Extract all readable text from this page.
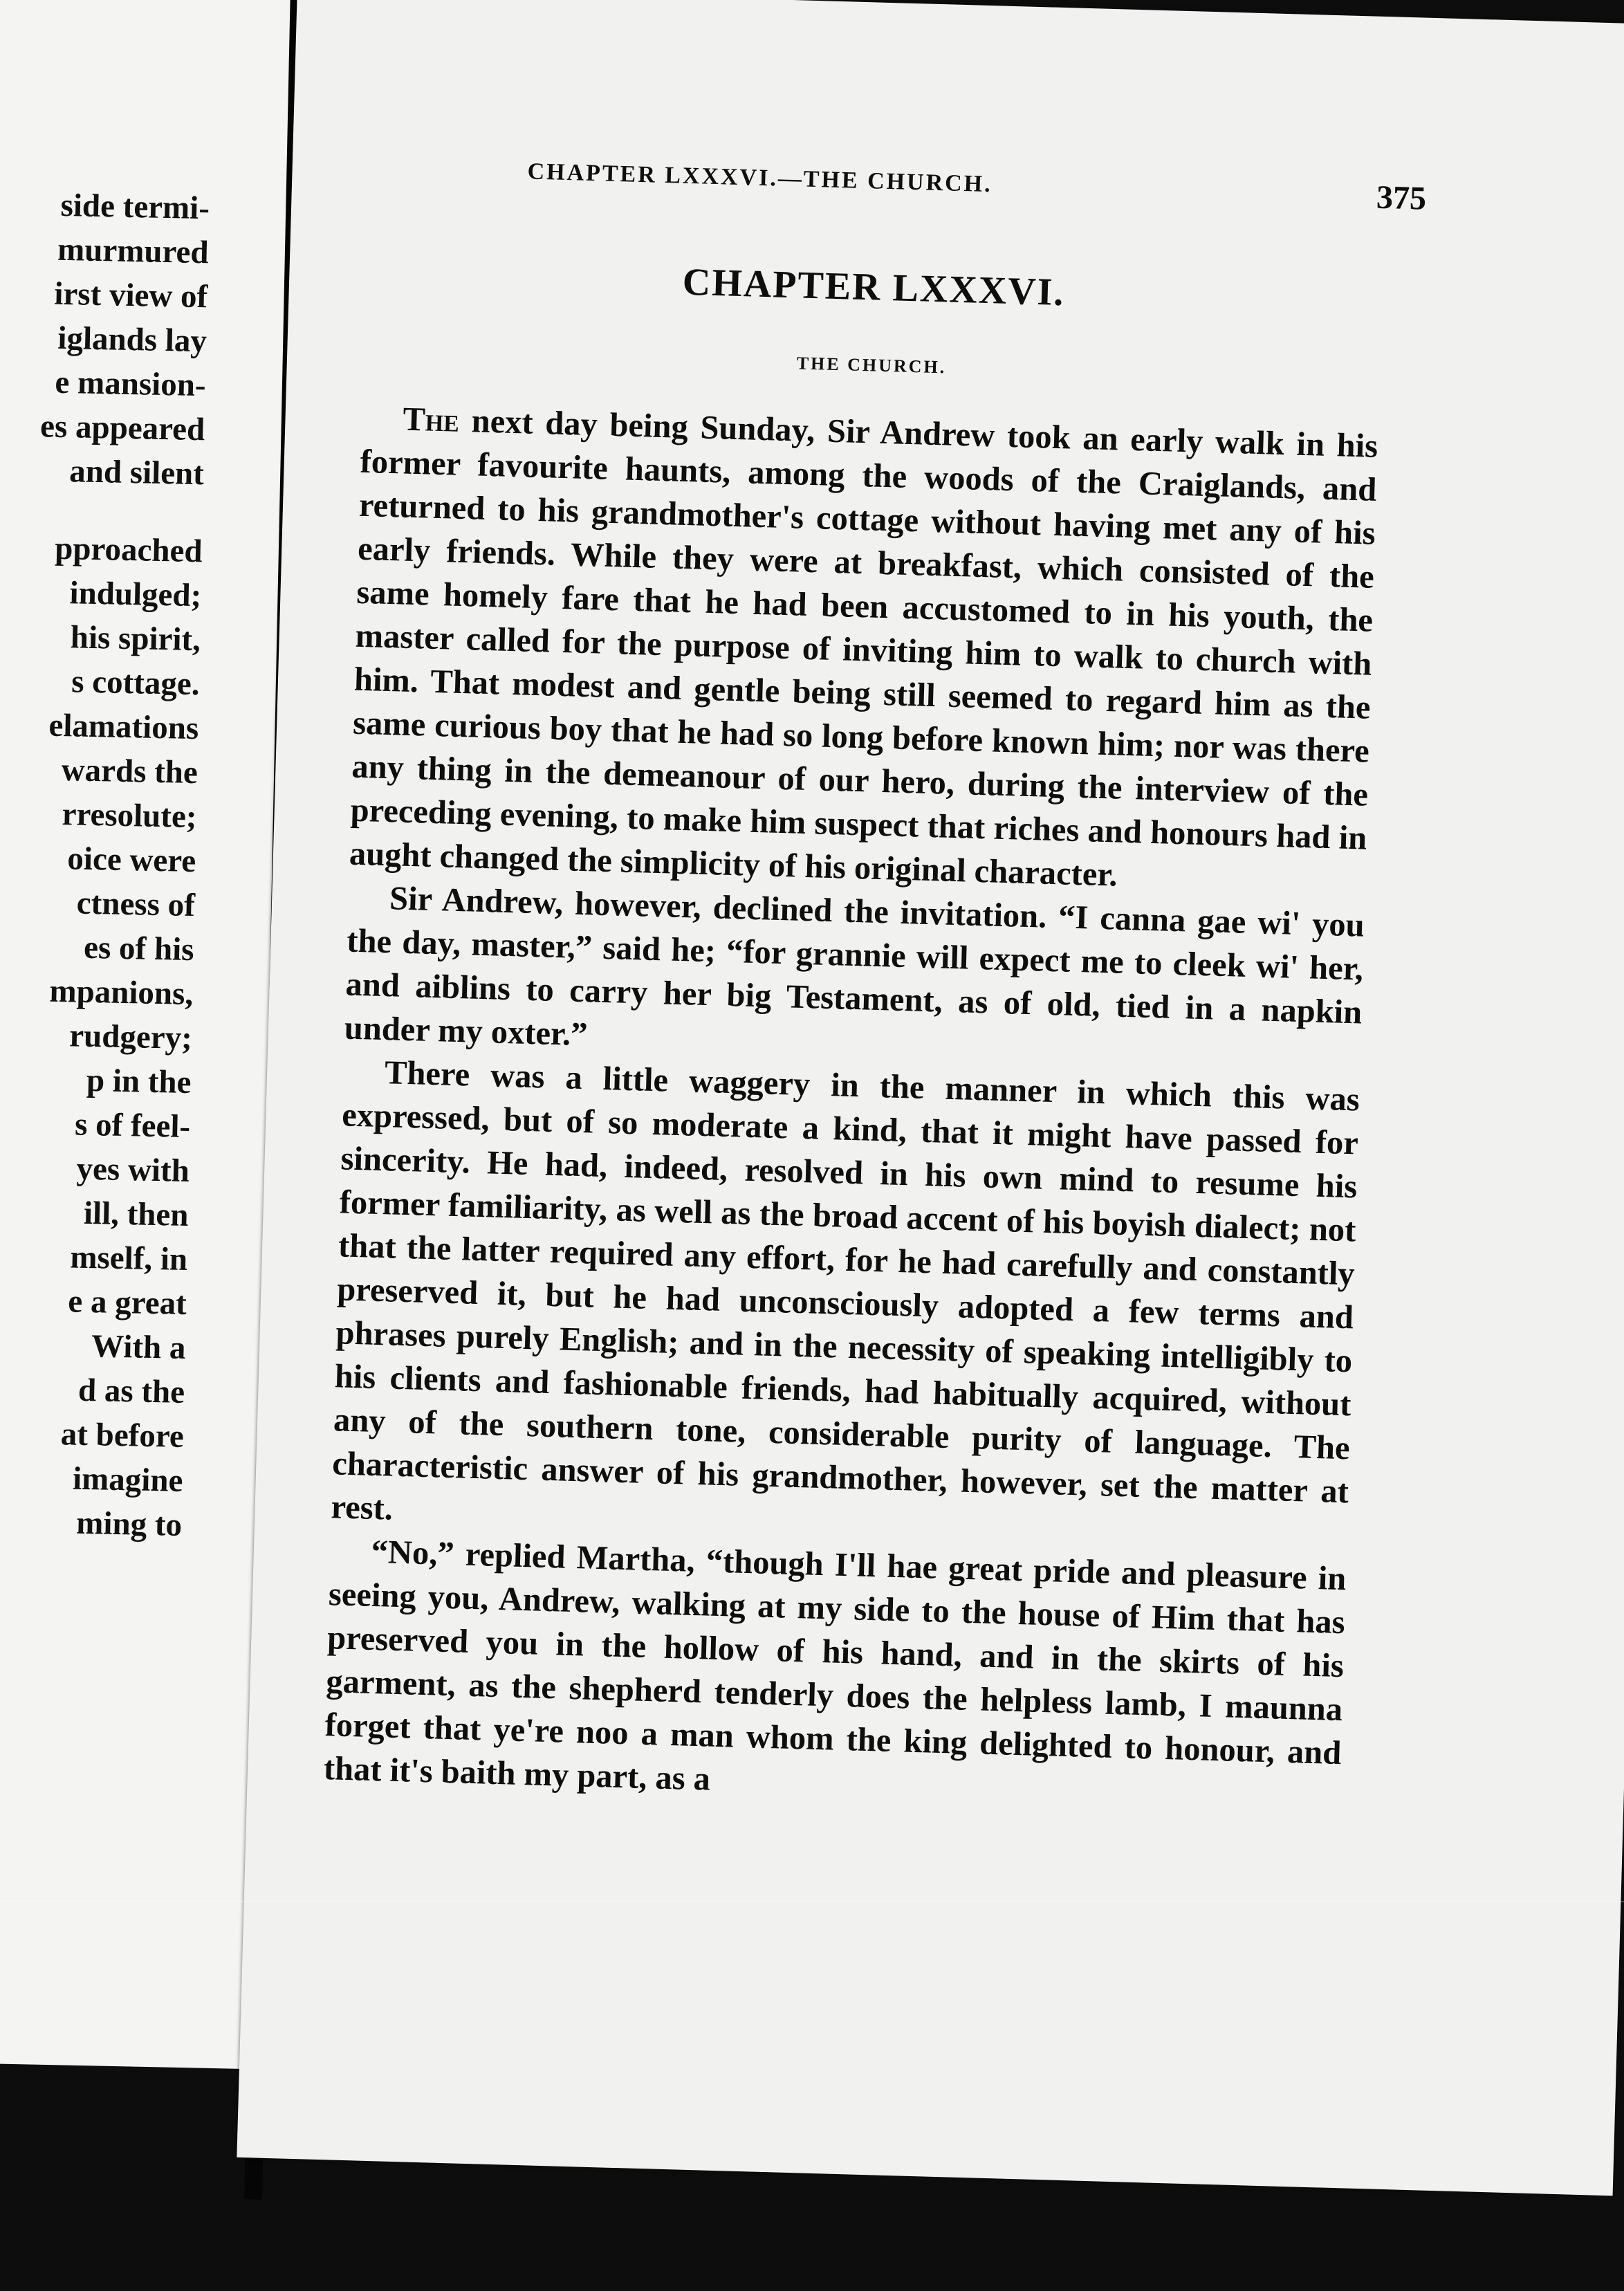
side termi-
murmured
irst view of
iglands lay
e mansion-
es appeared
and silent
pproached
indulged;
his spirit,
s cottage.
elamations
wards the
rresolute;
oice were
ctness of
es of his
mpanions,
rudgery;
p in the
s of feel-
yes with
ill, then
mself, in
e a great
With a
d as the
at before
imagine
ming to
CHAPTER LXXXVI.—THE CHURCH.
375
CHAPTER LXXXVI.
THE CHURCH.

The next day being Sunday, Sir Andrew took an early walk in his former favourite haunts, among the woods of the Craiglands, and returned to his grandmother's cottage without having met any of his early friends. While they were at breakfast, which consisted of the same homely fare that he had been accustomed to in his youth, the master called for the purpose of inviting him to walk to church with him. That modest and gentle being still seemed to regard him as the same curious boy that he had so long before known him; nor was there any thing in the demeanour of our hero, during the interview of the preceding evening, to make him suspect that riches and honours had in aught changed the simplicity of his original character.

Sir Andrew, however, declined the invitation. “I canna gae wi' you the day, master,” said he; “for grannie will expect me to cleek wi' her, and aiblins to carry her big Testament, as of old, tied in a napkin under my oxter.”

There was a little waggery in the manner in which this was expressed, but of so moderate a kind, that it might have passed for sincerity. He had, indeed, resolved in his own mind to resume his former familiarity, as well as the broad accent of his boyish dialect; not that the latter required any effort, for he had carefully and constantly preserved it, but he had unconsciously adopted a few terms and phrases purely English; and in the necessity of speaking intelligibly to his clients and fashionable friends, had habitually acquired, without any of the southern tone, considerable purity of language. The characteristic answer of his grandmother, however, set the matter at rest.

“No,” replied Martha, “though I'll hae great pride and pleasure in seeing you, Andrew, walking at my side to the house of Him that has preserved you in the hollow of his hand, and in the skirts of his garment, as the shepherd tenderly does the helpless lamb, I maunna forget that ye're noo a man whom the king delighted to honour, and that it's baith my part, as a
